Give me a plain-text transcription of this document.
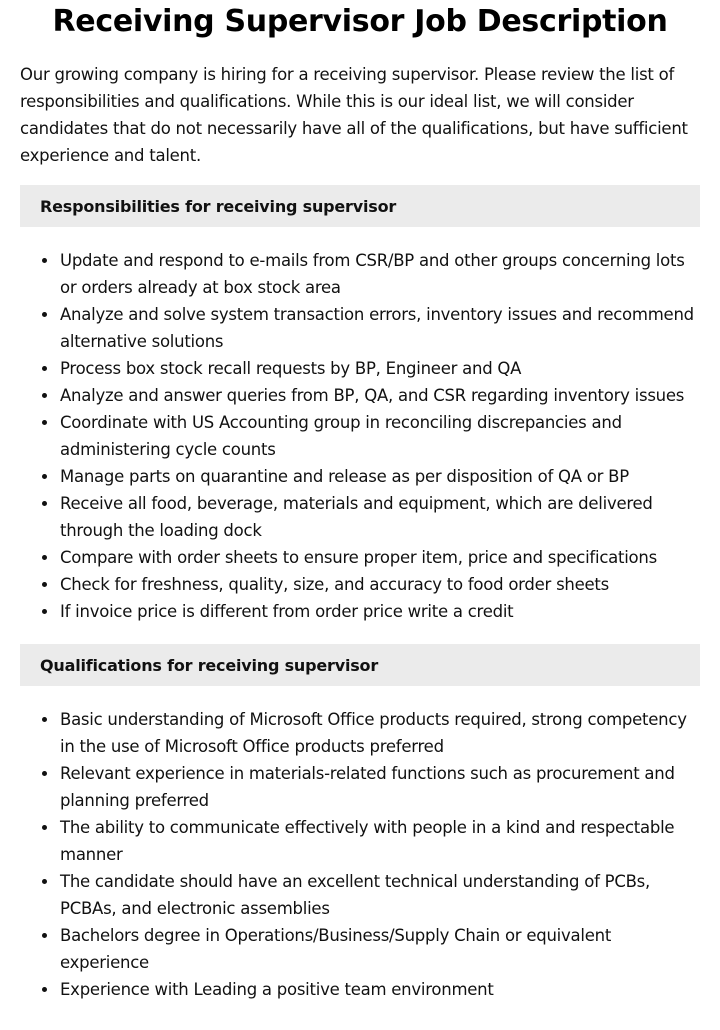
Receiving Supervisor Job Description

Our growing company is hiring for a receiving supervisor. Please review the list of responsibilities and qualifications. While this is our ideal list, we will consider candidates that do not necessarily have all of the qualifications, but have sufficient experience and talent.

Responsibilities for receiving supervisor
Update and respond to e-mails from CSR/BP and other groups concerning lots or orders already at box stock area
Analyze and solve system transaction errors, inventory issues and recommend alternative solutions
Process box stock recall requests by BP, Engineer and QA
Analyze and answer queries from BP, QA, and CSR regarding inventory issues
Coordinate with US Accounting group in reconciling discrepancies and administering cycle counts
Manage parts on quarantine and release as per disposition of QA or BP
Receive all food, beverage, materials and equipment, which are delivered through the loading dock
Compare with order sheets to ensure proper item, price and specifications
Check for freshness, quality, size, and accuracy to food order sheets
If invoice price is different from order price write a credit
Qualifications for receiving supervisor
Basic understanding of Microsoft Office products required, strong competency in the use of Microsoft Office products preferred
Relevant experience in materials-related functions such as procurement and planning preferred
The ability to communicate effectively with people in a kind and respectable manner
The candidate should have an excellent technical understanding of PCBs, PCBAs, and electronic assemblies
Bachelors degree in Operations/Business/Supply Chain or equivalent experience
Experience with Leading a positive team environment
